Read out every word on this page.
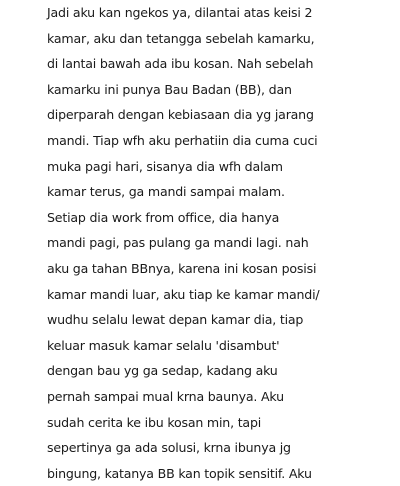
Jadi aku kan ngekos ya, dilantai atas keisi 2
kamar, aku dan tetangga sebelah kamarku,
di lantai bawah ada ibu kosan. Nah sebelah
kamarku ini punya Bau Badan (BB), dan
diperparah dengan kebiasaan dia yg jarang
mandi. Tiap wfh aku perhatiin dia cuma cuci
muka pagi hari, sisanya dia wfh dalam
kamar terus, ga mandi sampai malam.
Setiap dia work from office, dia hanya
mandi pagi, pas pulang ga mandi lagi. nah
aku ga tahan BBnya, karena ini kosan posisi
kamar mandi luar, aku tiap ke kamar mandi/
wudhu selalu lewat depan kamar dia, tiap
keluar masuk kamar selalu 'disambut'
dengan bau yg ga sedap, kadang aku
pernah sampai mual krna baunya. Aku
sudah cerita ke ibu kosan min, tapi
sepertinya ga ada solusi, krna ibunya jg
bingung, katanya BB kan topik sensitif. Aku
